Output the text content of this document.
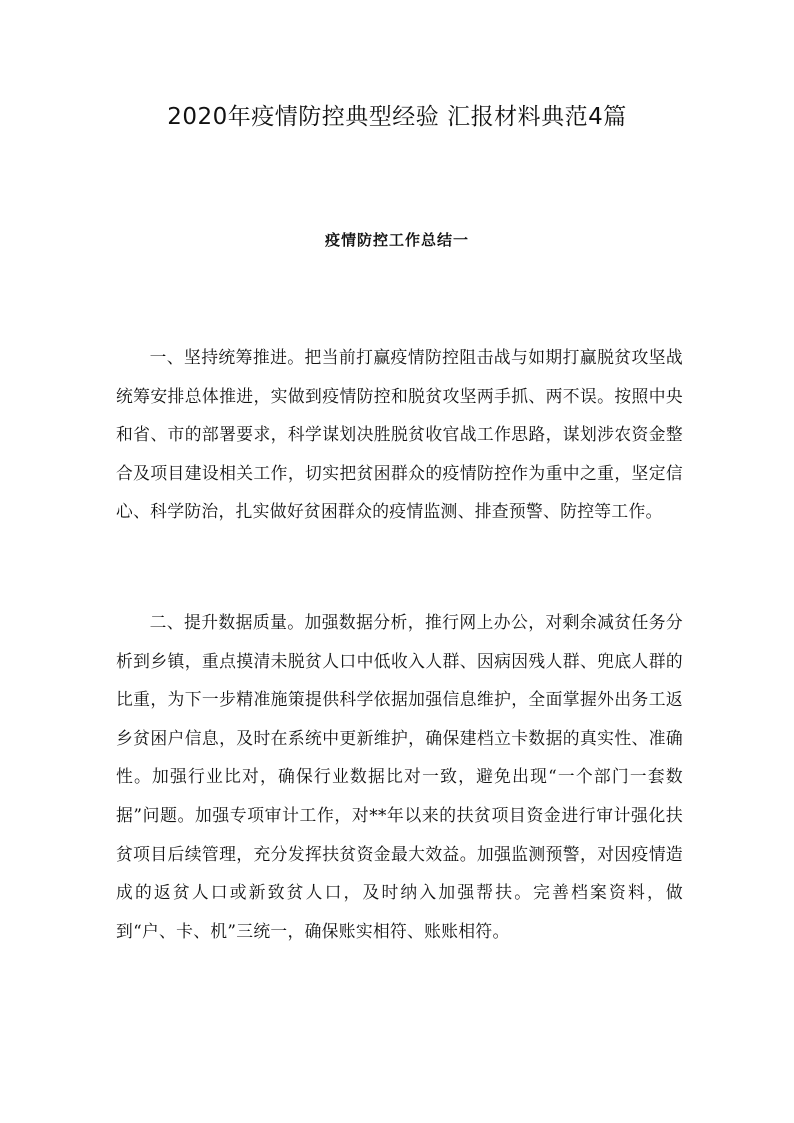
2020年疫情防控典型经验 汇报材料典范4篇
疫情防控工作总结一

一、坚持统筹推进。把当前打赢疫情防控阻击战与如期打赢脱贫攻坚战统筹安排总体推进，实做到疫情防控和脱贫攻坚两手抓、两不误。按照中央和省、市的部署要求，科学谋划决胜脱贫收官战工作思路，谋划涉农资金整合及项目建设相关工作，切实把贫困群众的疫情防控作为重中之重，坚定信心、科学防治，扎实做好贫困群众的疫情监测、排查预警、防控等工作。

二、提升数据质量。加强数据分析，推行网上办公，对剩余减贫任务分析到乡镇，重点摸清未脱贫人口中低收入人群、因病因残人群、兜底人群的比重，为下一步精准施策提供科学依据加强信息维护，全面掌握外出务工返乡贫困户信息，及时在系统中更新维护，确保建档立卡数据的真实性、准确性。加强行业比对，确保行业数据比对一致，避免出现“一个部门一套数据”问题。加强专项审计工作，对**年以来的扶贫项目资金进行审计强化扶贫项目后续管理，充分发挥扶贫资金最大效益。加强监测预警，对因疫情造成的返贫人口或新致贫人口，及时纳入加强帮扶。完善档案资料，做到“户、卡、机”三统一，确保账实相符、账账相符。
